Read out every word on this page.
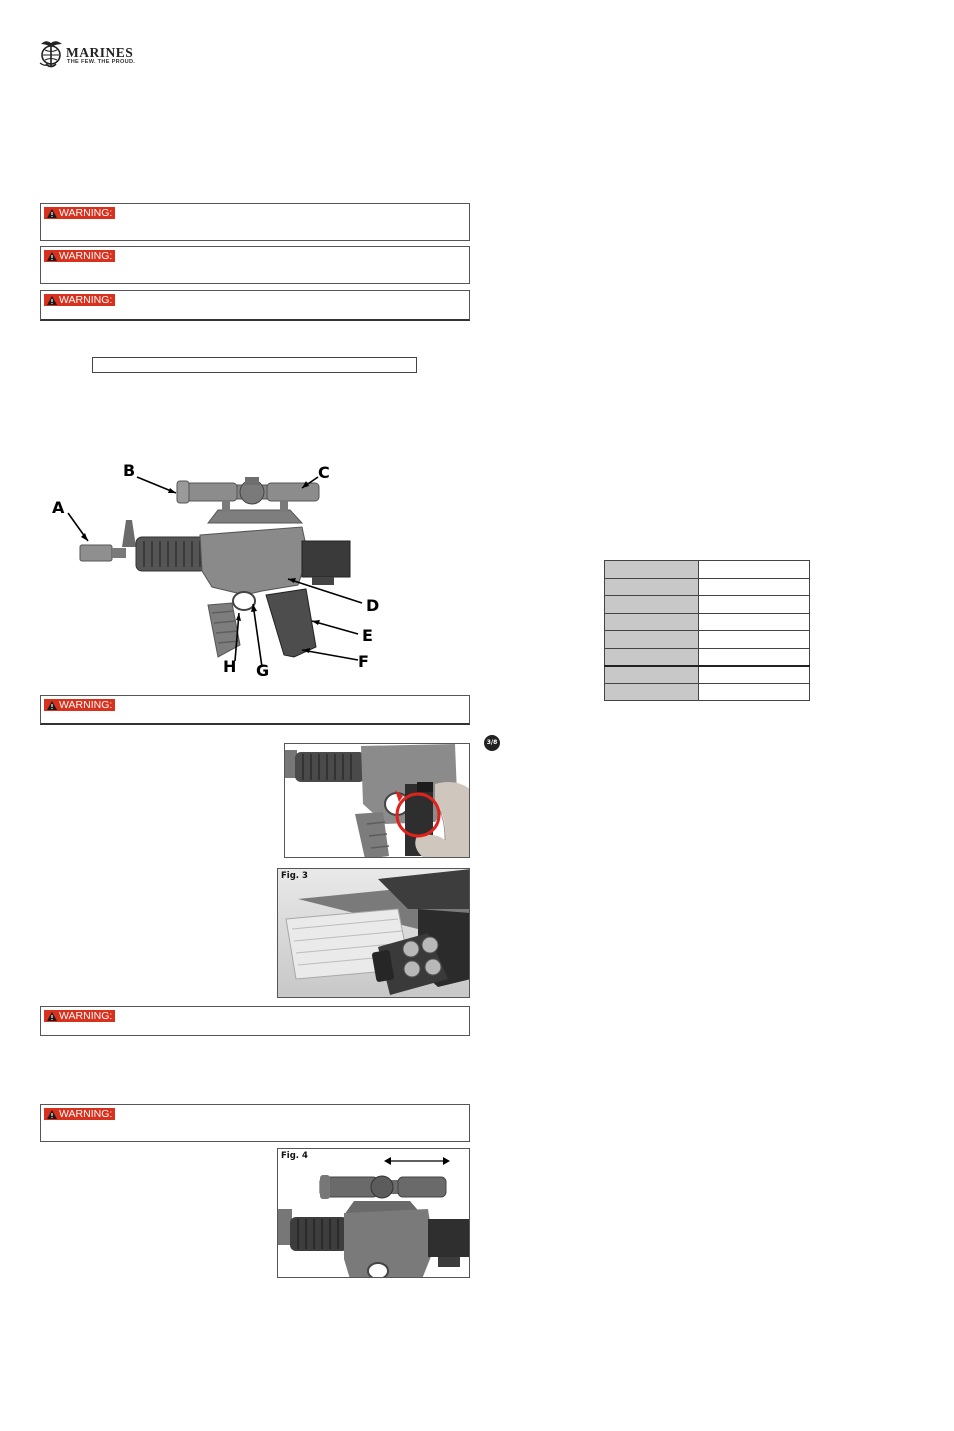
MARINES
THE FEW. THE PROUD.
WARNING:
WARNING:
WARNING:
A
B	C
D
E
F
G
H
WARNING:
Fig. 3
WARNING:
WARNING:
Fig. 4

3/8
